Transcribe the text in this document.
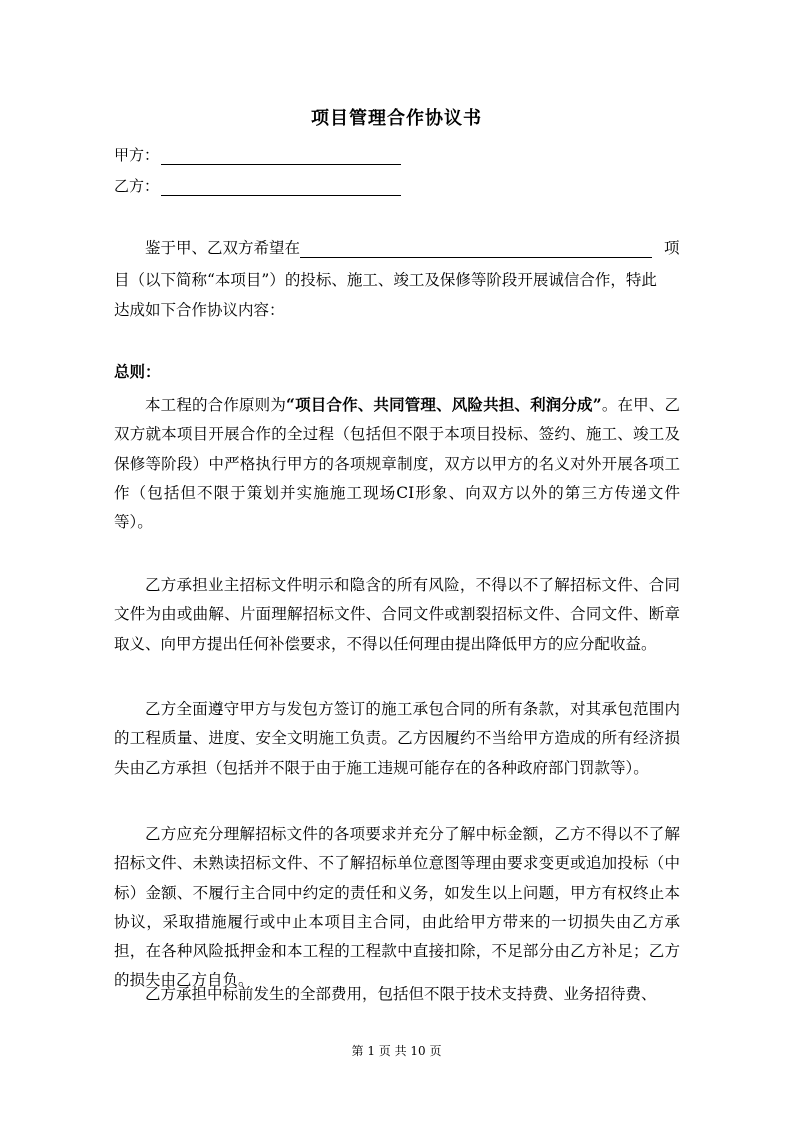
项目管理合作协议书
甲方：
乙方：
鉴于甲、乙双方希望在	项
目（以下简称“本项目”）的投标、施工、竣工及保修等阶段开展诚信合作，特此
达成如下合作协议内容：
总则：

本工程的合作原则为“项目合作、共同管理、风险共担、利润分成”。在甲、乙双方就本项目开展合作的全过程（包括但不限于本项目投标、签约、施工、竣工及保修等阶段）中严格执行甲方的各项规章制度，双方以甲方的名义对外开展各项工作（包括但不限于策划并实施施工现场CI形象、向双方以外的第三方传递文件等）。

乙方承担业主招标文件明示和隐含的所有风险，不得以不了解招标文件、合同文件为由或曲解、片面理解招标文件、合同文件或割裂招标文件、合同文件、断章取义、向甲方提出任何补偿要求，不得以任何理由提出降低甲方的应分配收益。

乙方全面遵守甲方与发包方签订的施工承包合同的所有条款，对其承包范围内的工程质量、进度、安全文明施工负责。乙方因履约不当给甲方造成的所有经济损失由乙方承担（包括并不限于由于施工违规可能存在的各种政府部门罚款等）。

乙方应充分理解招标文件的各项要求并充分了解中标金额，乙方不得以不了解招标文件、未熟读招标文件、不了解招标单位意图等理由要求变更或追加投标（中标）金额、不履行主合同中约定的责任和义务，如发生以上问题，甲方有权终止本协议，采取措施履行或中止本项目主合同，由此给甲方带来的一切损失由乙方承担，在各种风险抵押金和本工程的工程款中直接扣除，不足部分由乙方补足；乙方的损失由乙方自负。

乙方承担中标前发生的全部费用，包括但不限于技术支持费、业务招待费、

第 1 页 共 10 页
